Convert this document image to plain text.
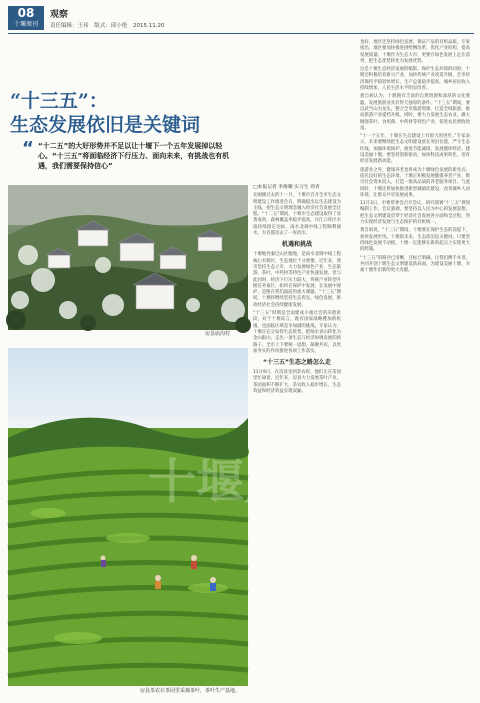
08
十堰周刊
观察
责任编辑：王玮 版式：邱小艳 2015.11.20
“十三五”：
生态发展依旧是关键词
“ “十二五”的大好形势并不足以让十堰下一个五年发展掉以轻心。“十三五”将面临经济下行压力、面向未来，有挑战也有机遇，我们需要保持信心”
房县庙沟村
十堰周刊
房县茶农在茶园里采摘茶叶，茶叶生产基地。
□本报记者 李俊耀 实习生 周青

在刚刚过去的十一月，十堰市召开全市生态文明建设工作推进会议，明确提出以生态建设为主线，把生态文明理念融入经济社会发展全过程。“十二五”期间，十堰市生态建设取得了显著成效，森林覆盖率稳步提高，丹江口库区水质持续稳定达标，南水北调中线工程顺利通水，为首都送去了一库清水。

机遇和挑战

十堰地处秦巴山区腹地，是南水北调中线工程核心水源区，生态地位十分重要。近年来，我市坚持生态立市，大力发展绿色产业，生态旅游、茶叶、中药材等特色产业快速发展。但与此同时，经济下行压力较大，传统产业转型升级任务艰巨，如何在保护中发展、在发展中保护，是摆在我们面前的重大课题。“十三五”期间，十堰将继续坚持生态优先、绿色发展，推动经济社会持续健康发展。

“十三五”时期是全面建成小康社会的决胜阶段，对于十堰而言，既有国家战略叠加的机遇，也面临区域竞争加剧的挑战。专家认为，十堰应充分发挥生态优势，把绿水青山转化为金山银山，走出一条生态与经济协调发展的新路子。全市上下要统一思想，凝聚共识，以更加务实的作风推进各项工作落实。

“十三五”生态之路怎么走

11月9日，在房县见到茶农时，他们正在茶园里忙碌着。近年来，房县大力发展茶叶产业，茶园面积不断扩大，茶农收入稳步增长，生态效益和经济效益实现双赢。

也好，地区还坚持绿色发展，保证产品的有机品质。专家指出，地区要加快推进供给侧改革，优化产业结构，提高发展质量。十堰作为生态大市，更要在绿色发展上走在前列，把生态优势转化为发展优势。

这是十堰生态经济发展的缩影。保护生态环境的同时，十堰还积极培育新兴产业，加快传统产业改造升级，全市经济保持平稳较快增长，生产总值稳步提高，城乡居民收入持续增加，人民生活水平明显改善。

龚自炳认为，十堰拥有丰富的自然资源和深厚的文化底蕴，发展旅游业具有得天独厚的条件。“十三五”期间，要以武当山为龙头，整合全市旅游资源，打造全域旅游，推动旅游产业提档升级。同时，要大力发展生态农业，做大做强茶叶、食用菌、中药材等特色产业，促进农民增收致富。

“十一个五年，十堰在生态建设上有很大的进步。”专家表示，未来要继续把生态文明建设放在突出位置，严守生态红线，加强环境保护，推进节能减排，发展循环经济，建设美丽十堰。要坚持创新驱动，加快科技成果转化，培育经济发展新动能。

旅游业之外，健康养老也将成为十堰绿色发展的新亮点。依托良好的生态环境，十堰正积极发展健康养老产业，吸引社会资本投入，打造一批高品质的养老服务项目。与此同时，十堰还将加快推进新型城镇化建设，改善城乡人居环境，让群众共享发展成果。

11月3日，市委常委会召开会议，研究部署“十三五”规划编制工作。会议强调，要坚持以人民为中心的发展思想，把生态文明建设贯穿于经济社会发展各方面和全过程，努力实现经济发展与生态保护的有机统一。

龚自炳说，“十三五”期间，十堰要在保护生态的前提下，加快发展步伐。十堰的未来，生态依旧是关键词。只要坚持绿色发展不动摇，十堰一定能够在新的起点上实现更大的跨越。

“十三五”的路径已清晰，目标已明确。让我们携手并进，共同开创十堰生态文明建设新局面，为建设美丽十堰、幸福十堰作出新的更大贡献。
